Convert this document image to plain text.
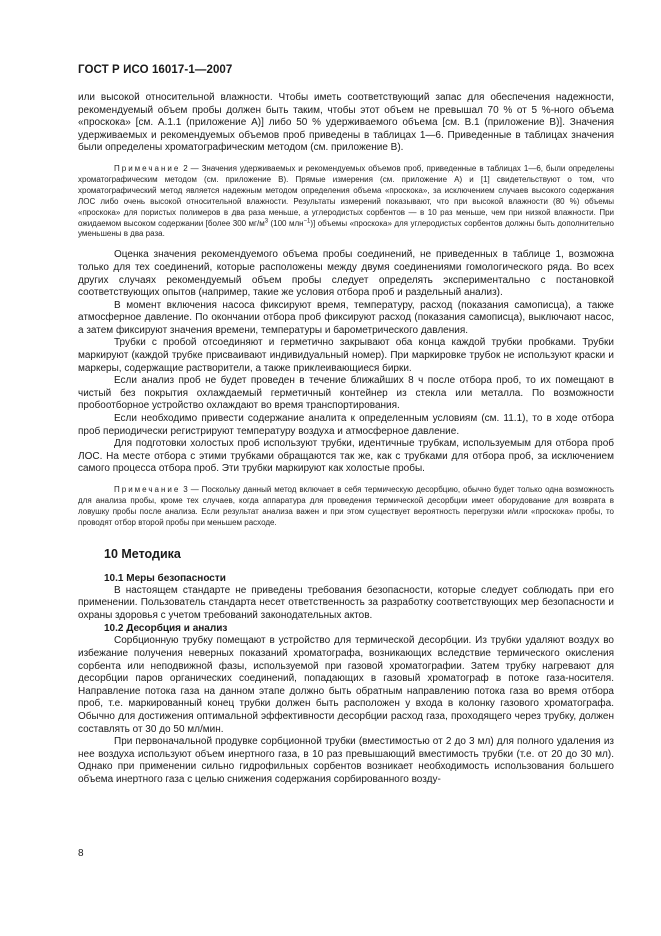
ГОСТ Р ИСО 16017-1—2007

или высокой относительной влажности. Чтобы иметь соответствующий запас для обеспечения надежности, рекомендуемый объем пробы должен быть таким, чтобы этот объем не превышал 70 % от 5 %-ного объема «проскока» [см. А.1.1 (приложение А)] либо 50 % удерживаемого объема [см. В.1 (приложение В)]. Значения удерживаемых и рекомендуемых объемов проб приведены в таблицах 1—6. Приведенные в таблицах значения были определены хроматографическим методом (см. приложение В).

Примечание 2 — Значения удерживаемых и рекомендуемых объемов проб, приведенные в таблицах 1—6, были определены хроматографическим методом (см. приложение В). Прямые измерения (см. приложение А) и [1] свидетельствуют о том, что хроматографический метод является надежным методом определения объема «проскока», за исключением случаев высокого содержания ЛОС либо очень высокой относительной влажности. Результаты измерений показывают, что при высокой влажности (80 %) объемы «проскока» для пористых полимеров в два раза меньше, а углеродистых сорбентов — в 10 раз меньше, чем при низкой влажности. При ожидаемом высоком содержании [более 300 $мг/м^3$ (100 млн$^{-1}$)] объемы «проскока» для углеродистых сорбентов должны быть дополнительно уменьшены в два раза.

Оценка значения рекомендуемого объема пробы соединений, не приведенных в таблице 1, возможна только для тех соединений, которые расположены между двумя соединениями гомологического ряда. Во всех других случаях рекомендуемый объем пробы следует определять экспериментально с постановкой соответствующих опытов (например, такие же условия отбора проб и раздельный анализ).

В момент включения насоса фиксируют время, температуру, расход (показания самописца), а также атмосферное давление. По окончании отбора проб фиксируют расход (показания самописца), выключают насос, а затем фиксируют значения времени, температуры и барометрического давления.

Трубки с пробой отсоединяют и герметично закрывают оба конца каждой трубки пробками. Трубки маркируют (каждой трубке присваивают индивидуальный номер). При маркировке трубок не используют краски и маркеры, содержащие растворители, а также приклеивающиеся бирки.

Если анализ проб не будет проведен в течение ближайших 8 ч после отбора проб, то их помещают в чистый без покрытия охлаждаемый герметичный контейнер из стекла или металла. По возможности пробоотборное устройство охлаждают во время транспортирования.

Если необходимо привести содержание аналита к определенным условиям (см. 11.1), то в ходе отбора проб периодически регистрируют температуру воздуха и атмосферное давление.

Для подготовки холостых проб используют трубки, идентичные трубкам, используемым для отбора проб ЛОС. На месте отбора с этими трубками обращаются так же, как с трубками для отбора проб, за исключением самого процесса отбора проб. Эти трубки маркируют как холостые пробы.

Примечание 3 — Поскольку данный метод включает в себя термическую десорбцию, обычно будет только одна возможность для анализа пробы, кроме тех случаев, когда аппаратура для проведения термической десорбции имеет оборудование для возврата в ловушку пробы после анализа. Если результат анализа важен и при этом существует вероятность перегрузки и/или «проскока» пробы, то проводят отбор второй пробы при меньшем расходе.

10 Методика

10.1 Меры безопасности

В настоящем стандарте не приведены требования безопасности, которые следует соблюдать при его применении. Пользователь стандарта несет ответственность за разработку соответствующих мер безопасности и охраны здоровья с учетом требований законодательных актов.

10.2 Десорбция и анализ

Сорбционную трубку помещают в устройство для термической десорбции. Из трубки удаляют воздух во избежание получения неверных показаний хроматографа, возникающих вследствие термического окисления сорбента или неподвижной фазы, используемой при газовой хроматографии. Затем трубку нагревают для десорбции паров органических соединений, попадающих в газовый хроматограф в потоке газа-носителя. Направление потока газа на данном этапе должно быть обратным направлению потока газа во время отбора проб, т.е. маркированный конец трубки должен быть расположен у входа в колонку газового хроматографа. Обычно для достижения оптимальной эффективности десорбции расход газа, проходящего через трубку, должен составлять от 30 до 50 мл/мин.

При первоначальной продувке сорбционной трубки (вместимостью от 2 до 3 мл) для полного удаления из нее воздуха используют объем инертного газа, в 10 раз превышающий вместимость трубки (т.е. от 20 до 30 мл). Однако при применении сильно гидрофильных сорбентов возникает необходимость использования большего объема инертного газа с целью снижения содержания сорбированного возду-

8
